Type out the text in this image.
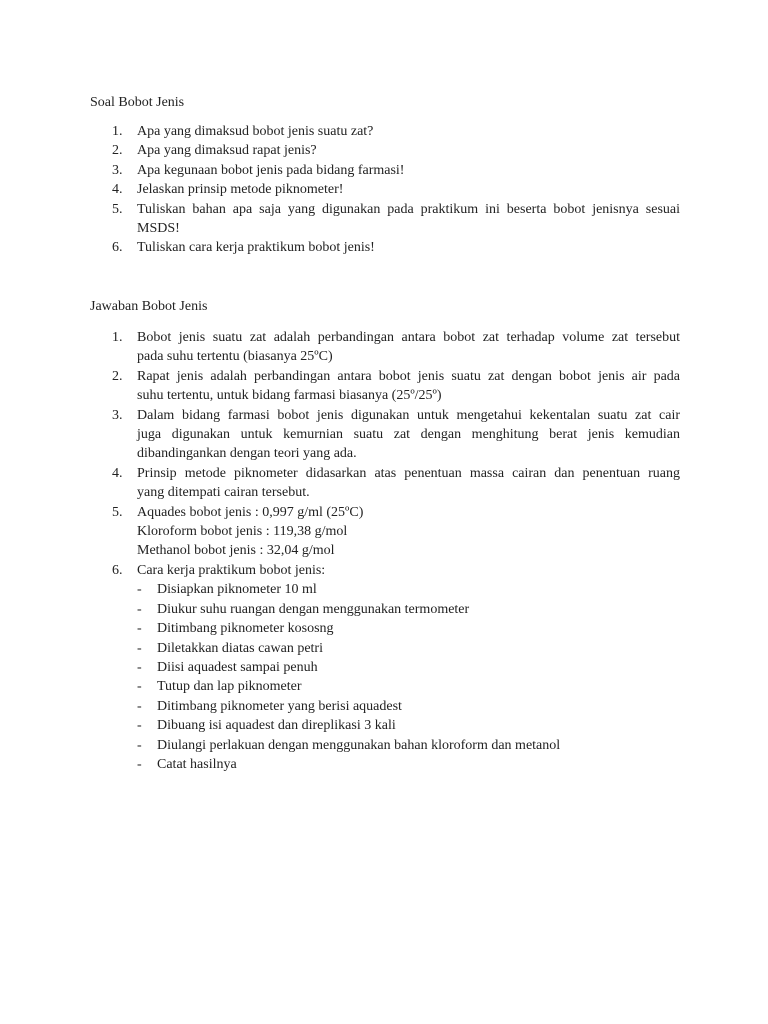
Soal Bobot Jenis
1.	Apa yang dimaksud bobot jenis suatu zat?
2.	Apa yang dimaksud rapat jenis?
3.	Apa kegunaan bobot jenis pada bidang farmasi!
4.	Jelaskan prinsip metode piknometer!
5.	Tuliskan bahan apa saja yang digunakan pada praktikum ini beserta bobot jenisnya sesuai
MSDS!
6.	Tuliskan cara kerja praktikum bobot jenis!
Jawaban Bobot Jenis
1.	Bobot jenis suatu zat adalah perbandingan antara bobot zat terhadap volume zat tersebut
pada suhu tertentu (biasanya 25ºC)
2.	Rapat jenis adalah perbandingan antara bobot jenis suatu zat dengan bobot jenis air pada
suhu tertentu, untuk bidang farmasi biasanya (25º/25º)
3.	Dalam bidang farmasi bobot jenis digunakan untuk mengetahui kekentalan suatu zat cair
juga digunakan untuk kemurnian suatu zat dengan menghitung berat jenis kemudian
dibandingankan dengan teori yang ada.
4.	Prinsip metode piknometer didasarkan atas penentuan massa cairan dan penentuan ruang
yang ditempati cairan tersebut.
5.	Aquades bobot jenis : 0,997 g/ml (25ºC)
Kloroform bobot jenis : 119,38 g/mol
Methanol bobot jenis : 32,04 g/mol
6.	Cara kerja praktikum bobot jenis:
- Disiapkan piknometer 10 ml
- Diukur suhu ruangan dengan menggunakan termometer
- Ditimbang piknometer kososng
- Diletakkan diatas cawan petri
- Diisi aquadest sampai penuh
- Tutup dan lap piknometer
- Ditimbang piknometer yang berisi aquadest
- Dibuang isi aquadest dan direplikasi 3 kali
- Diulangi perlakuan dengan menggunakan bahan kloroform dan metanol
- Catat hasilnya
